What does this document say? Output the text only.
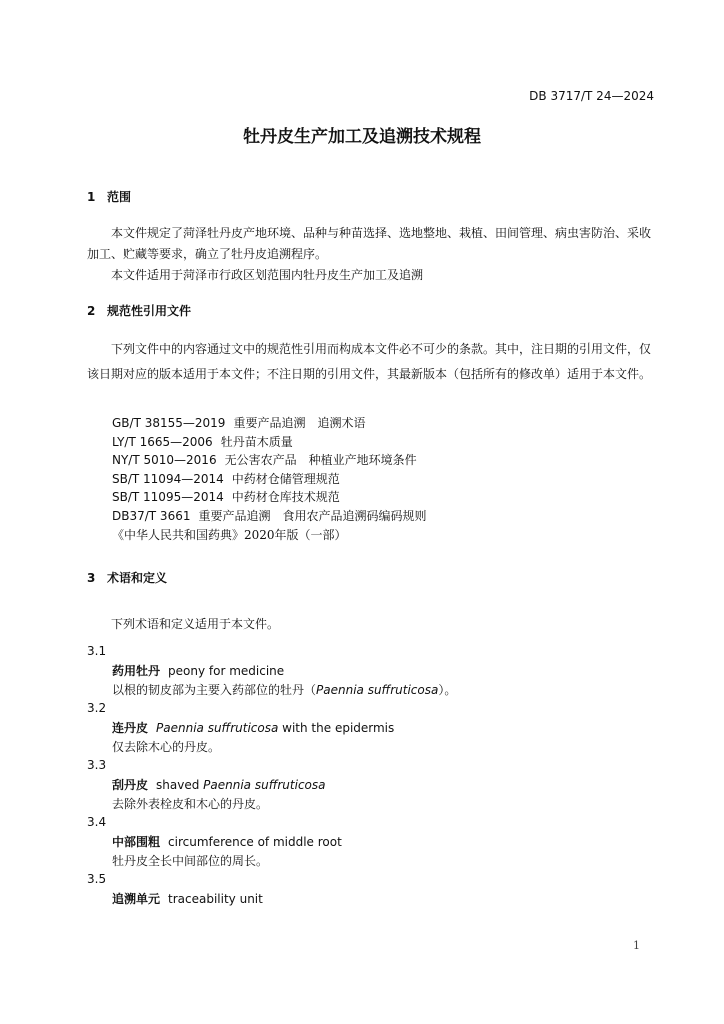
DB 3717/T 24—2024
牡丹皮生产加工及追溯技术规程
1 范围

本文件规定了菏泽牡丹皮产地环境、品种与种苗选择、选地整地、栽植、田间管理、病虫害防治、采收加工、贮藏等要求，确立了牡丹皮追溯程序。

本文件适用于菏泽市行政区划范围内牡丹皮生产加工及追溯

2 规范性引用文件

下列文件中的内容通过文中的规范性引用而构成本文件必不可少的条款。其中，注日期的引用文件，仅该日期对应的版本适用于本文件；不注日期的引用文件，其最新版本（包括所有的修改单）适用于本文件。

GB/T 38155—2019 重要产品追溯　追溯术语
LY/T 1665—2006 牡丹苗木质量
NY/T 5010—2016 无公害农产品　种植业产地环境条件
SB/T 11094—2014 中药材仓储管理规范
SB/T 11095—2014 中药材仓库技术规范
DB37/T 3661 重要产品追溯　食用农产品追溯码编码规则
《中华人民共和国药典》2020年版（一部）
3 术语和定义

下列术语和定义适用于本文件。

3.1
药用牡丹 peony for medicine
以根的韧皮部为主要入药部位的牡丹（Paennia suffruticosa）。
3.2
连丹皮 Paennia suffruticosa with the epidermis
仅去除木心的丹皮。
3.3
刮丹皮 shaved Paennia suffruticosa
去除外表栓皮和木心的丹皮。
3.4
中部围粗 circumference of middle root
牡丹皮全长中间部位的周长。
3.5
追溯单元 traceability unit
1
